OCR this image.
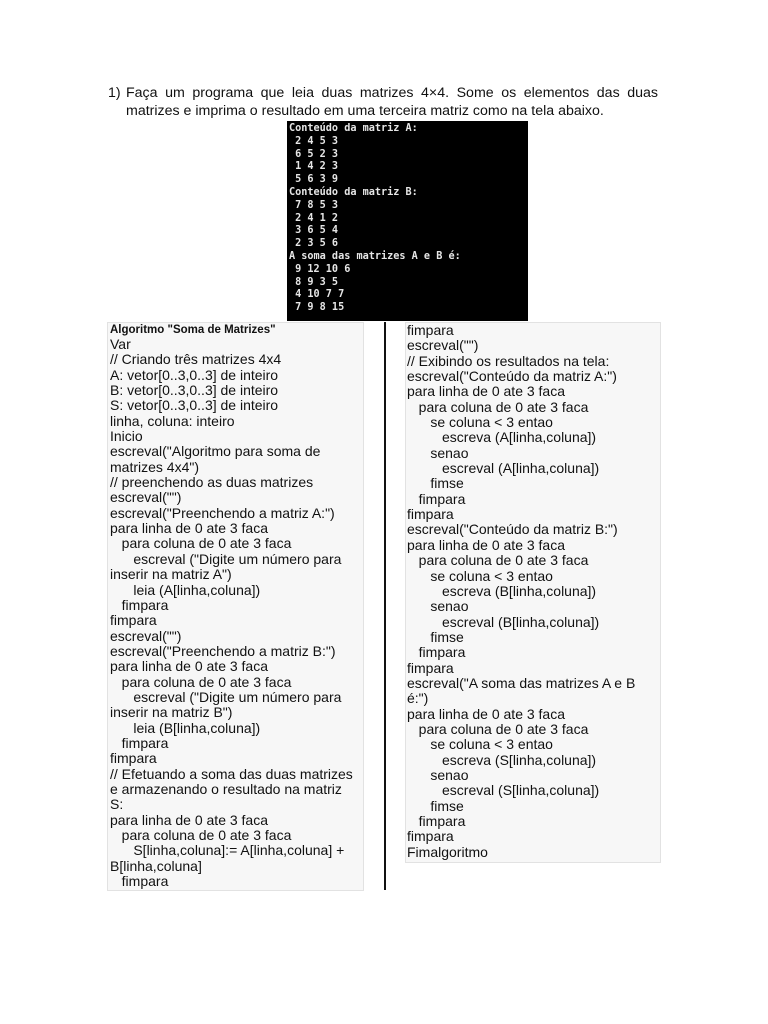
1) Faça um programa que leia duas matrizes 4×4. Some os elementos das duas matrizes e imprima o resultado em uma terceira matriz como na tela abaixo.
Conteúdo da matriz A:
2 4 5 3
6 5 2 3
1 4 2 3
5 6 3 9
Conteúdo da matriz B:
7 8 5 3
2 4 1 2
3 6 5 4
2 3 5 6
A soma das matrizes A e B é:
9 12 10 6
8 9 3 5
4 10 7 7
7 9 8 15
Algoritmo "Soma de Matrizes"
Var
// Criando três matrizes 4x4
A: vetor[0..3,0..3] de inteiro
B: vetor[0..3,0..3] de inteiro
S: vetor[0..3,0..3] de inteiro
linha, coluna: inteiro
Inicio
escreval("Algoritmo para soma de
matrizes 4x4")
// preenchendo as duas matrizes
escreval("")
escreval("Preenchendo a matriz A:")
para linha de 0 ate 3 faca
para coluna de 0 ate 3 faca
escreval ("Digite um número para
inserir na matriz A")
leia (A[linha,coluna])
fimpara
fimpara
escreval("")
escreval("Preenchendo a matriz B:")
para linha de 0 ate 3 faca
para coluna de 0 ate 3 faca
escreval ("Digite um número para
inserir na matriz B")
leia (B[linha,coluna])
fimpara
fimpara
// Efetuando a soma das duas matrizes
e armazenando o resultado na matriz
S:
para linha de 0 ate 3 faca
para coluna de 0 ate 3 faca
S[linha,coluna]:= A[linha,coluna] +
B[linha,coluna]
fimpara
fimpara
escreval("")
// Exibindo os resultados na tela:
escreval("Conteúdo da matriz A:")
para linha de 0 ate 3 faca
para coluna de 0 ate 3 faca
se coluna < 3 entao
escreva (A[linha,coluna])
senao
escreval (A[linha,coluna])
fimse
fimpara
fimpara
escreval("Conteúdo da matriz B:")
para linha de 0 ate 3 faca
para coluna de 0 ate 3 faca
se coluna < 3 entao
escreva (B[linha,coluna])
senao
escreval (B[linha,coluna])
fimse
fimpara
fimpara
escreval("A soma das matrizes A e B
é:")
para linha de 0 ate 3 faca
para coluna de 0 ate 3 faca
se coluna < 3 entao
escreva (S[linha,coluna])
senao
escreval (S[linha,coluna])
fimse
fimpara
fimpara
Fimalgoritmo
